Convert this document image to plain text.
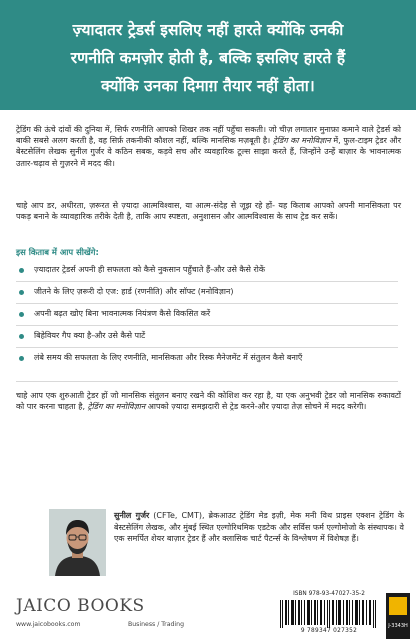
ज़्यादातर ट्रेडर्स इसलिए नहीं हारते क्योंकि उनकी
रणनीति कमज़ोर होती है, बल्कि इसलिए हारते हैं
क्योंकि उनका दिमाग़ तैयार नहीं होता।
ट्रेडिंग की ऊंचे दांवों की दुनिया में, सिर्फ रणनीति आपको शिखर तक नहीं पहुँचा सकती। जो चीज़ लगातार मुनाफ़ा कमाने वाले ट्रेडर्स को बाकी सबसे अलग करती है, वह सिर्फ़ तकनीकी कौशल नहीं, बल्कि मानसिक मज़बूती है। ट्रेडिंग का मनोविज्ञान में, फुल-टाइम ट्रेडर और बेस्टसेलिंग लेखक सुनील गुर्जर वे कठिन सबक, कड़वे सच और व्यवहारिक टूल्स साझा करते हैं, जिन्होंने उन्हें बाज़ार के भावनात्मक उतार-चढ़ाव से गुज़रने में मदद की।
चाहे आप डर, अधीरता, ज़रूरत से ज़्यादा आत्मविश्वास, या आत्म-संदेह से जूझ रहे हों- यह किताब आपको अपनी मानसिकता पर पकड़ बनाने के व्यावहारिक तरीके देती है, ताकि आप स्पष्टता, अनुशासन और आत्मविश्वास के साथ ट्रेड कर सकें।
इस किताब में आप सीखेंगे:
ज़्यादातर ट्रेडर्स अपनी ही सफलता को कैसे नुकसान पहुँचाते हैं-और उसे कैसे रोकें
जीतने के लिए ज़रूरी दो एज: हार्ड (रणनीति) और सॉफ्ट (मनोविज्ञान)
अपनी बढ़त खोए बिना भावनात्मक नियंत्रण कैसे विकसित करें
बिहेवियर गैप क्या है-और उसे कैसे पाटें
लंबे समय की सफलता के लिए रणनीति, मानसिकता और रिस्क मैनेजमेंट में संतुलन कैसे बनाएँ
चाहे आप एक शुरुआती ट्रेडर हों जो मानसिक संतुलन बनाए रखने की कोशिश कर रहा है, या एक अनुभवी ट्रेडर जो मानसिक रुकावटों को पार करना चाहता है, ट्रेडिंग का मनोविज्ञान आपको ज़्यादा समझदारी से ट्रेड करने-और ज़्यादा तेज़ सोचने में मदद करेगी।
सुनील गुर्जर (CFTe, CMT), ब्रेकआउट ट्रेडिंग मेड इज़ी, मेक मनी विथ प्राइस एक्शन ट्रेडिंग के बेस्टसेलिंग लेखक, और मुंबई स्थित एल्गोरिथमिक एडटेक और सर्विस फर्म एल्गोमोजो के संस्थापक। वे एक समर्पित शेयर बाज़ार ट्रेडर हैं और क्लासिक चार्ट पैटर्न्स के विश्लेषण में विशेषज्ञ हैं।
JAICO BOOKS
www.jaicobooks.com	Business / Trading
ISBN 978-93-47027-35-2
9 789347 027352
J-3343H
